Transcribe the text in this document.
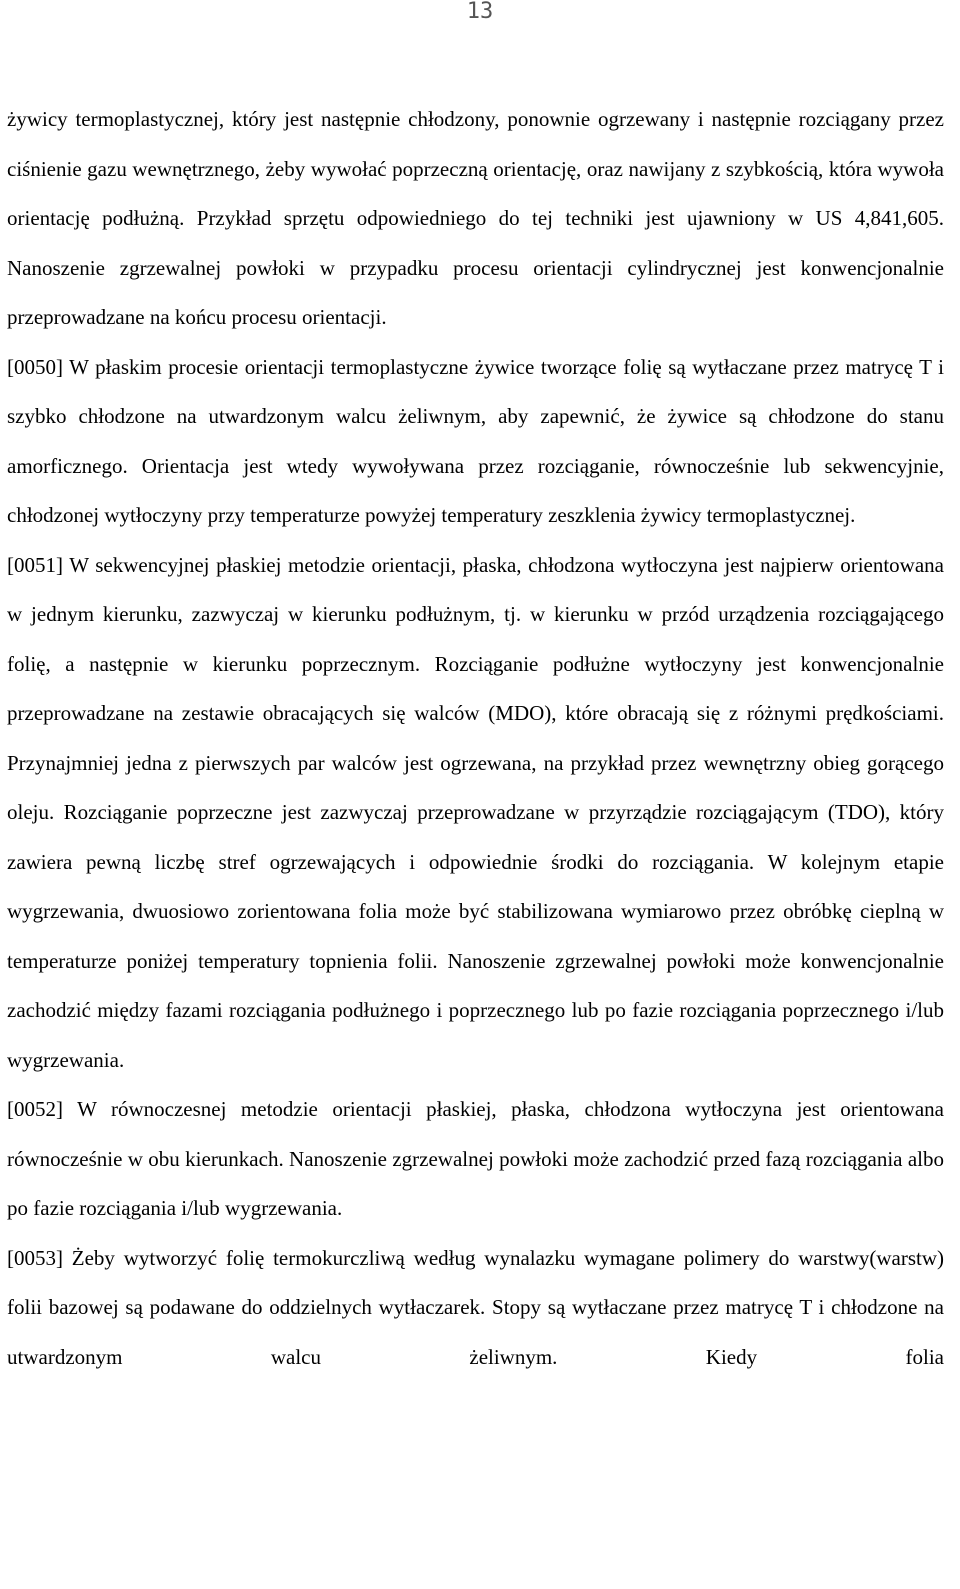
13

żywicy termoplastycznej, który jest następnie chłodzony, ponownie ogrzewany i następnie rozciągany przez ciśnienie gazu wewnętrznego, żeby wywołać poprzeczną orientację, oraz nawijany z szybkością, która wywoła orientację podłużną. Przykład sprzętu odpowiedniego do tej techniki jest ujawniony w US 4,841,605. Nanoszenie zgrzewalnej powłoki w przypadku procesu orientacji cylindrycznej jest konwencjonalnie przeprowadzane na końcu procesu orientacji.

[0050] W płaskim procesie orientacji termoplastyczne żywice tworzące folię są wytłaczane przez matrycę T i szybko chłodzone na utwardzonym walcu żeliwnym, aby zapewnić, że żywice są chłodzone do stanu amorficznego. Orientacja jest wtedy wywoływana przez rozciąganie, równocześnie lub sekwencyjnie, chłodzonej wytłoczyny przy temperaturze powyżej temperatury zeszklenia żywicy termoplastycznej.

[0051] W sekwencyjnej płaskiej metodzie orientacji, płaska, chłodzona wytłoczyna jest najpierw orientowana w jednym kierunku, zazwyczaj w kierunku podłużnym, tj. w kierunku w przód urządzenia rozciągającego folię, a następnie w kierunku poprzecznym. Rozciąganie podłużne wytłoczyny jest konwencjonalnie przeprowadzane na zestawie obracających się walców (MDO), które obracają się z różnymi prędkościami. Przynajmniej jedna z pierwszych par walców jest ogrzewana, na przykład przez wewnętrzny obieg gorącego oleju. Rozciąganie poprzeczne jest zazwyczaj przeprowadzane w przyrządzie rozciągającym (TDO), który zawiera pewną liczbę stref ogrzewających i odpowiednie środki do rozciągania. W kolejnym etapie wygrzewania, dwuosiowo zorientowana folia może być stabilizowana wymiarowo przez obróbkę cieplną w temperaturze poniżej temperatury topnienia folii. Nanoszenie zgrzewalnej powłoki może konwencjonalnie zachodzić między fazami rozciągania podłużnego i poprzecznego lub po fazie rozciągania poprzecznego i/lub wygrzewania.

[0052] W równoczesnej metodzie orientacji płaskiej, płaska, chłodzona wytłoczyna jest orientowana równocześnie w obu kierunkach. Nanoszenie zgrzewalnej powłoki może zachodzić przed fazą rozciągania albo po fazie rozciągania i/lub wygrzewania.

[0053] Żeby wytworzyć folię termokurczliwą według wynalazku wymagane polimery do warstwy(warstw) folii bazowej są podawane do oddzielnych wytłaczarek. Stopy są wytłaczane przez matrycę T i chłodzone na utwardzonym walcu żeliwnym. Kiedy folia
